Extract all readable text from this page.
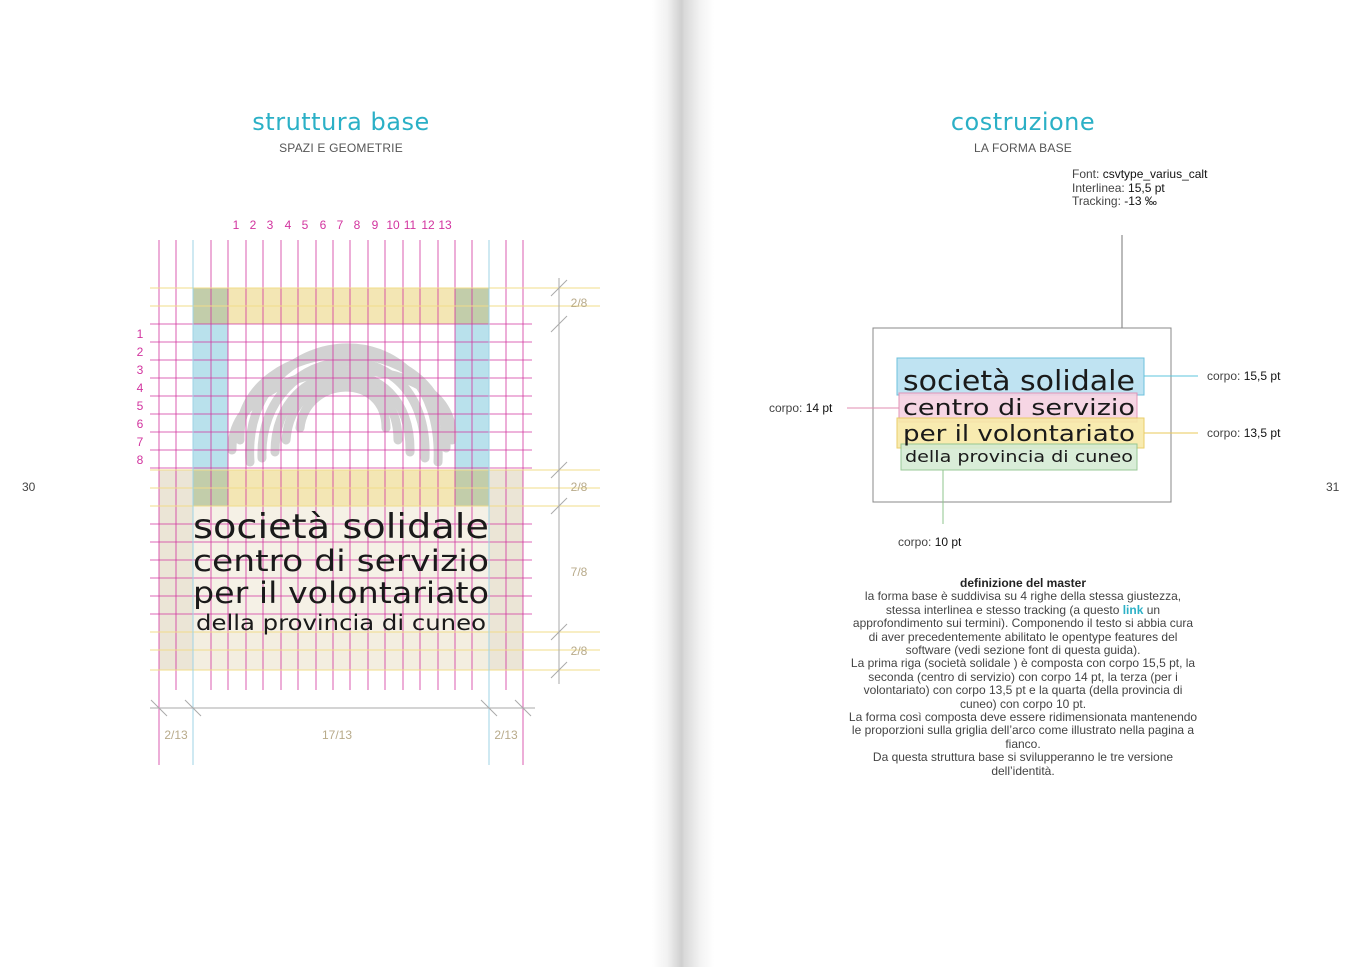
struttura base
SPAZI E GEOMETRIE
30
1 2 3 4 5 6 7 8 9 10 11 12 13
1
2
3
4
5
6
7
8
2/8
2/8
7/8
2/8
2/13	17/13	2/13
società solidale
centro di servizio
per il volontariato
della provincia di cuneo
costruzione
LA FORMA BASE
31
Font: csvtype_varius_calt
Interlinea: 15,5 pt
Tracking: -13 ‰
società solidale
centro di servizio
per il volontariato
della provincia di cuneo
corpo: 15,5 pt
corpo: 14 pt
corpo: 13,5 pt
corpo: 10 pt
definizione del master
la forma base è suddivisa su 4 righe della stessa giustezza, stessa interlinea e stesso tracking (a questo link un approfondimento sui termini). Componendo il testo si abbia cura di aver precedentemente abilitato le opentype features del software (vedi sezione font di questa guida).
La prima riga (società solidale ) è composta con corpo 15,5 pt, la seconda (centro di servizio) con corpo 14 pt, la terza (per i volontariato) con corpo 13,5 pt e la quarta (della provincia di cuneo) con corpo 10 pt.
La forma così composta deve essere ridimensionata mantenendo le proporzioni sulla griglia dell’arco come illustrato nella pagina a fianco.
Da questa struttura base si svilupperanno le tre versione dell’identità.
